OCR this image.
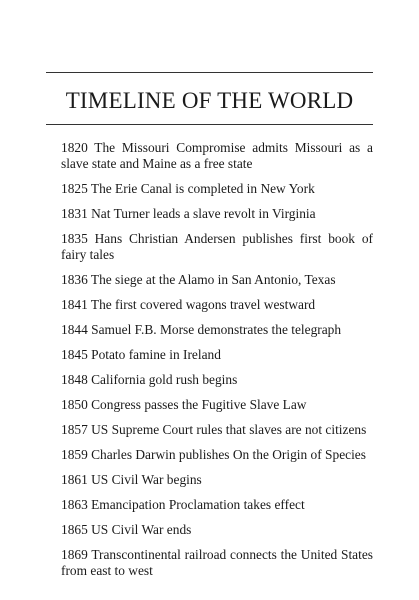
TIMELINE OF THE WORLD
1820 The Missouri Compromise admits Missouri as a slave state and Maine as a free state
1825 The Erie Canal is completed in New York
1831 Nat Turner leads a slave revolt in Virginia
1835 Hans Christian Andersen publishes first book of fairy tales
1836 The siege at the Alamo in San Antonio, Texas
1841 The first covered wagons travel westward
1844 Samuel F.B. Morse demonstrates the telegraph
1845 Potato famine in Ireland
1848 California gold rush begins
1850 Congress passes the Fugitive Slave Law
1857 US Supreme Court rules that slaves are not citizens
1859 Charles Darwin publishes On the Origin of Species
1861 US Civil War begins
1863 Emancipation Proclamation takes effect
1865 US Civil War ends
1869 Transcontinental railroad connects the United States from east to west
